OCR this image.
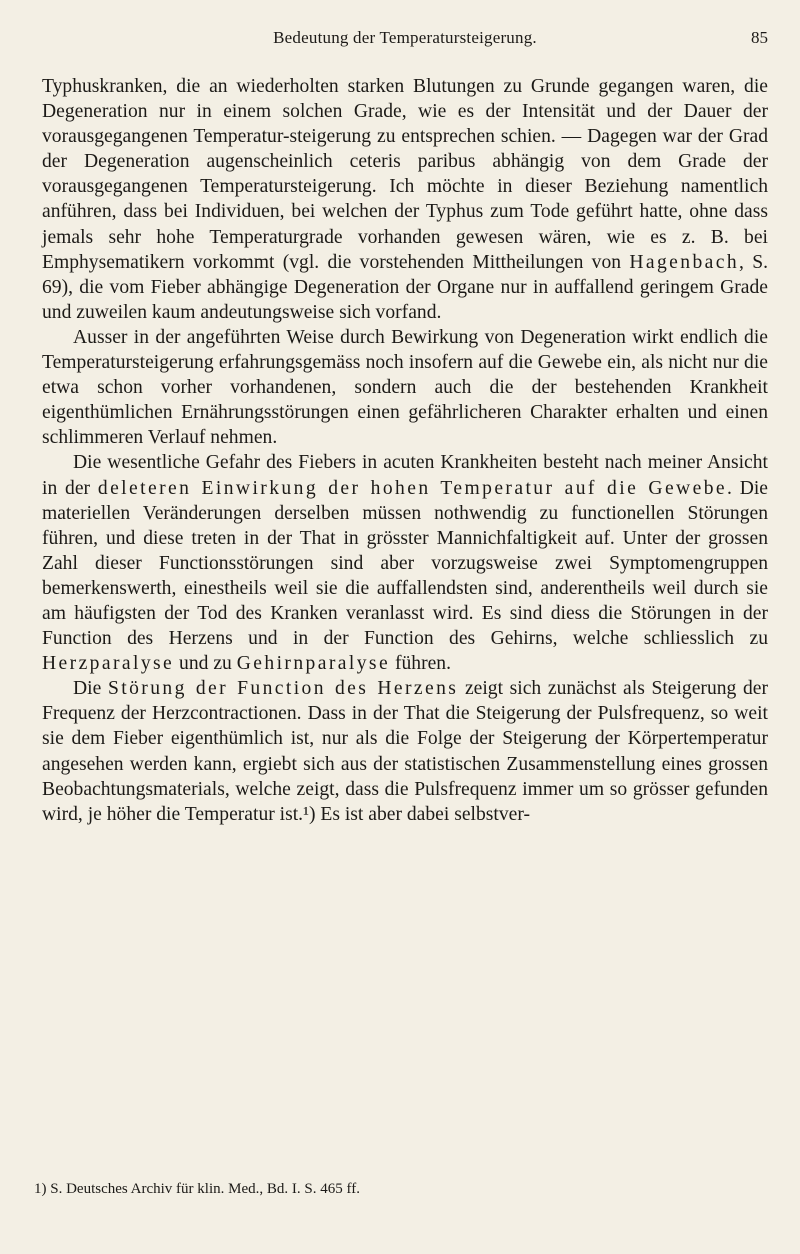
Bedeutung der Temperatursteigerung.	85

Typhuskranken, die an wiederholten starken Blutungen zu Grunde gegangen waren, die Degeneration nur in einem solchen Grade, wie es der Intensität und der Dauer der vorausgegangenen Temperatur-steigerung zu entsprechen schien. — Dagegen war der Grad der Degeneration augenscheinlich ceteris paribus abhängig von dem Grade der vorausgegangenen Temperatursteigerung. Ich möchte in dieser Beziehung namentlich anführen, dass bei Individuen, bei welchen der Typhus zum Tode geführt hatte, ohne dass jemals sehr hohe Temperaturgrade vorhanden gewesen wären, wie es z. B. bei Emphysematikern vorkommt (vgl. die vorstehenden Mittheilungen von Hagenbach, S. 69), die vom Fieber abhängige Degeneration der Organe nur in auffallend geringem Grade und zuweilen kaum andeutungsweise sich vorfand.

Ausser in der angeführten Weise durch Bewirkung von Degeneration wirkt endlich die Temperatursteigerung erfahrungsgemäss noch insofern auf die Gewebe ein, als nicht nur die etwa schon vorher vorhandenen, sondern auch die der bestehenden Krankheit eigenthümlichen Ernährungsstörungen einen gefährlicheren Charakter erhalten und einen schlimmeren Verlauf nehmen.

Die wesentliche Gefahr des Fiebers in acuten Krankheiten besteht nach meiner Ansicht in der deleteren Einwirkung der hohen Temperatur auf die Gewebe. Die materiellen Veränderungen derselben müssen nothwendig zu functionellen Störungen führen, und diese treten in der That in grösster Mannichfaltigkeit auf. Unter der grossen Zahl dieser Functionsstörungen sind aber vorzugsweise zwei Symptomengruppen bemerkenswerth, einestheils weil sie die auffallendsten sind, anderentheils weil durch sie am häufigsten der Tod des Kranken veranlasst wird. Es sind diess die Störungen in der Function des Herzens und in der Function des Gehirns, welche schliesslich zu Herzparalyse und zu Gehirnparalyse führen.

Die Störung der Function des Herzens zeigt sich zunächst als Steigerung der Frequenz der Herzcontractionen. Dass in der That die Steigerung der Pulsfrequenz, so weit sie dem Fieber eigenthümlich ist, nur als die Folge der Steigerung der Körpertemperatur angesehen werden kann, ergiebt sich aus der statistischen Zusammenstellung eines grossen Beobachtungsmaterials, welche zeigt, dass die Pulsfrequenz immer um so grösser gefunden wird, je höher die Temperatur ist.¹) Es ist aber dabei selbstver-

1) S. Deutsches Archiv für klin. Med., Bd. I. S. 465 ff.
